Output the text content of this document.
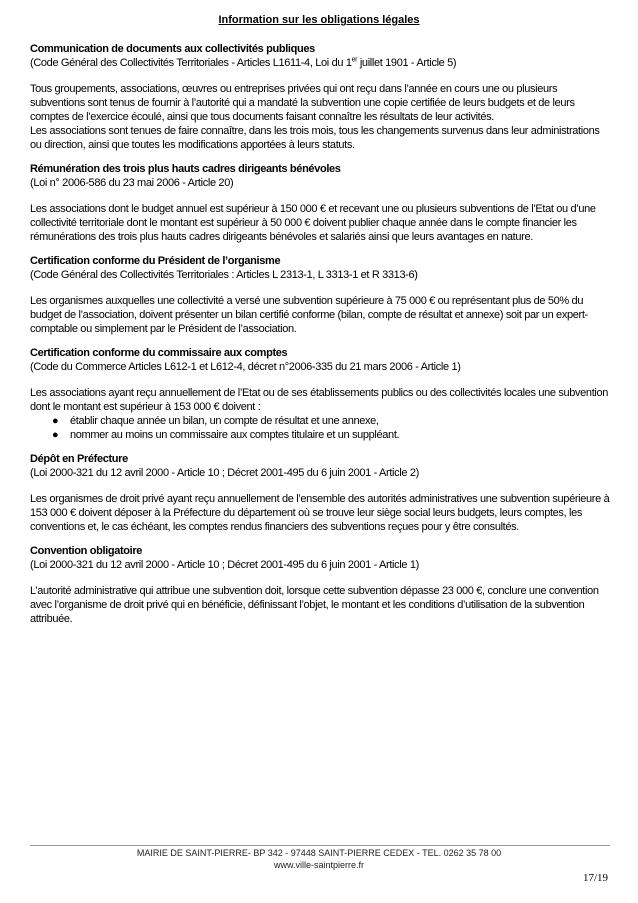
Information sur les obligations légales
Communication de documents aux collectivités publiques
(Code Général des Collectivités Territoriales - Articles L1611-4, Loi du 1er juillet 1901 - Article 5)
Tous groupements, associations, œuvres ou entreprises privées qui ont reçu dans l’année en cours une ou plusieurs subventions sont tenus de fournir à l’autorité qui a mandaté la subvention une copie certifiée de leurs budgets et de leurs comptes de l’exercice écoulé, ainsi que tous documents faisant connaître les résultats de leur activités.
Les associations sont tenues de faire connaître, dans les trois mois, tous les changements survenus dans leur administrations ou direction, ainsi que toutes les modifications apportées à leurs statuts.
Rémunération des trois plus hauts cadres dirigeants bénévoles
(Loi n° 2006-586 du 23 mai 2006 - Article 20)
Les associations dont le budget annuel est supérieur à 150 000 € et recevant une ou plusieurs subventions de l’Etat ou d’une collectivité territoriale dont le montant est supérieur à 50 000 € doivent publier chaque année dans le compte financier les rémunérations des trois plus hauts cadres dirigeants bénévoles et salariés ainsi que leurs avantages en nature.
Certification conforme du Président de l’organisme
(Code Général des Collectivités Territoriales : Articles L 2313-1, L 3313-1 et R 3313-6)
Les organismes auxquelles une collectivité a versé une subvention supérieure à 75 000 € ou représentant plus de 50% du budget de l’association, doivent présenter un bilan certifié conforme (bilan, compte de résultat et annexe) soit par un expert-comptable ou simplement par le Président de l’association.
Certification conforme du commissaire aux comptes
(Code du Commerce Articles L612-1 et L612-4, décret n°2006-335 du 21 mars 2006 - Article 1)
Les associations ayant reçu annuellement de l’Etat ou de ses établissements publics ou des collectivités locales une subvention dont le montant est supérieur à 153 000 € doivent :
● établir chaque année un bilan, un compte de résultat et une annexe,
● nommer au moins un commissaire aux comptes titulaire et un suppléant.
Dépôt en Préfecture
(Loi 2000-321 du 12 avril 2000 - Article 10 ; Décret 2001-495 du 6 juin 2001 - Article 2)
Les organismes de droit privé ayant reçu annuellement de l’ensemble des autorités administratives une subvention supérieure à 153 000 € doivent déposer à la Préfecture du département où se trouve leur siège social leurs budgets, leurs comptes, les conventions et, le cas échéant, les comptes rendus financiers des subventions reçues pour y être consultés.
Convention obligatoire
(Loi 2000-321 du 12 avril 2000 - Article 10 ; Décret 2001-495 du 6 juin 2001 - Article 1)
L’autorité administrative qui attribue une subvention doit, lorsque cette subvention dépasse 23 000 €, conclure une convention avec l’organisme de droit privé qui en bénéficie, définissant l’objet, le montant et les conditions d’utilisation de la subvention attribuée.
MAIRIE DE SAINT-PIERRE- BP 342 - 97448 SAINT-PIERRE CEDEX - TEL. 0262 35 78 00
www.ville-saintpierre.fr
17/19
